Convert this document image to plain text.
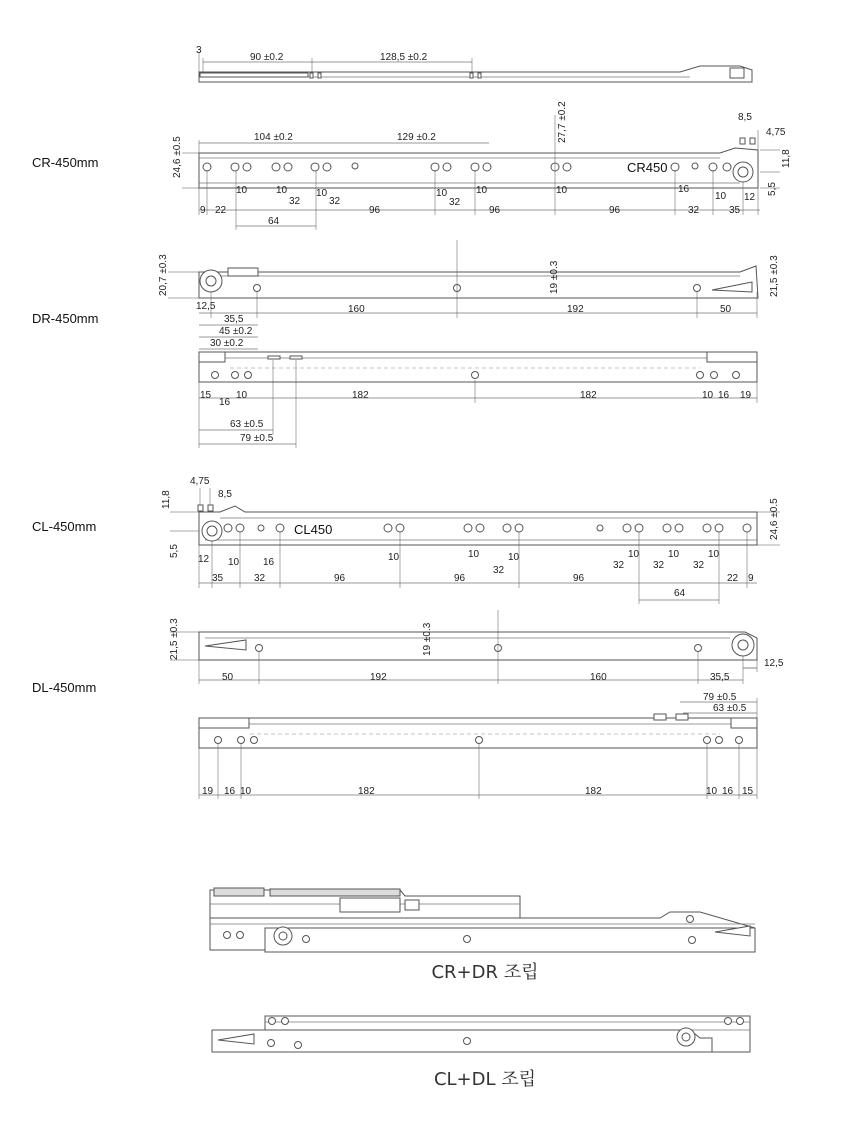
3
90 ±0.2	128,5 ±0.2
CR-450mm	CR450
24,6 ±0.5
27,7 ±0.2
11,8
5,5
104 ±0.2	129 ±0.2
8,5
4,75
10	10	10	10	10	10
10
16
12
32	32	32
9 22	96	96	96	32	35
64
DR-450mm
20,7 ±0.3	19 ±0.3	21,5 ±0.3
12,5	160	192	50
35,5
45 ±0.2
30 ±0.2
15
16
10	182	182	10 16 19
63 ±0.5
79 ±0.5
CL-450mm	CL450
4,75
8,5
11,8
5,5
24,6 ±0.5
12 10 16	10	10	10	10	10	10
32	32	32	32
35	32	96	96	96	22 9
64
DL-450mm
21,5 ±0.3	19 ±0.3
50	192	160	35,5
12,5
79 ±0.5
63 ±0.5
19 16 10	182	182	10 16 15
CR+DR 조립
CL+DL 조립
